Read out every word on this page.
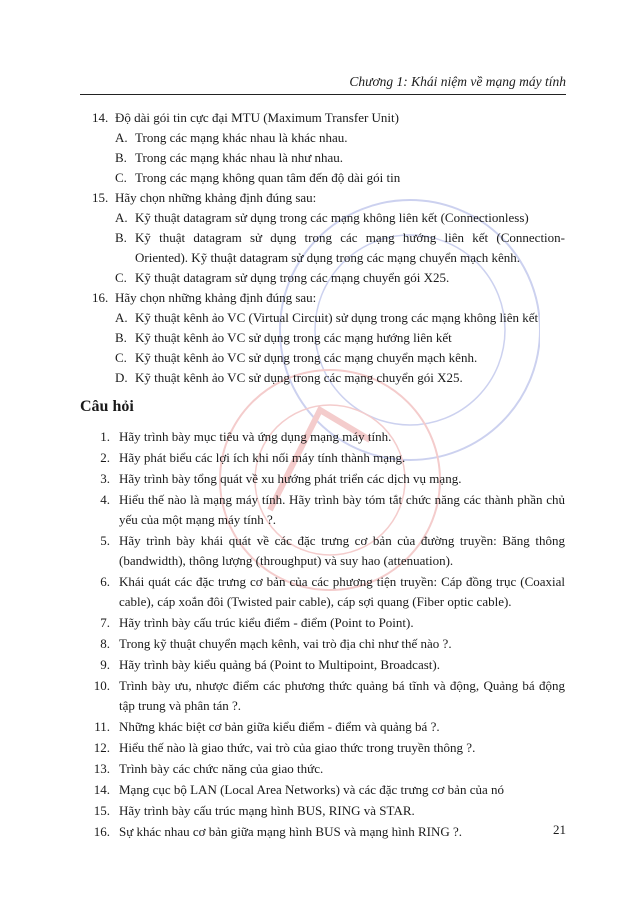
Chương 1: Khái niệm về mạng máy tính
14. Độ dài gói tin cực đại MTU (Maximum Transfer Unit)
A. Trong các mạng khác nhau là khác nhau.
B. Trong các mạng khác nhau là như nhau.
C. Trong các mạng không quan tâm đến độ dài gói tin
15. Hãy chọn những khảng định đúng sau:
A. Kỹ thuật datagram sử dụng trong các mạng không liên kết (Connectionless)
B. Kỹ thuật datagram sử dụng trong các mạng hướng liên kết (Connection- Oriented). Kỹ thuật datagram sử dụng trong các mạng chuyển mạch kênh.
C. Kỹ thuật datagram sử dụng trong các mạng chuyển gói X25.
16. Hãy chọn những khảng định đúng sau:
A. Kỹ thuật kênh ảo VC (Virtual Circuit) sử dụng trong các mạng không liên kết
B. Kỹ thuật kênh ảo VC sử dụng trong các mạng hướng liên kết
C. Kỹ thuật kênh ảo VC sử dụng trong các mạng chuyển mạch kênh.
D. Kỹ thuật kênh ảo VC sử dụng trong các mạng chuyển gói X25.
Câu hỏi
1. Hãy trình bày mục tiêu và ứng dụng mạng máy tính.
2. Hãy phát biểu các lợi ích khi nối máy tính thành mạng.
3. Hãy trình bày tổng quát về xu hướng phát triển các dịch vụ mạng.
4. Hiểu thế nào là mạng máy tính. Hãy trình bày tóm tắt chức năng các thành phần chủ yếu của một mạng máy tính ?.
5. Hãy trình bày khái quát về các đặc trưng cơ bản của đường truyền: Băng thông (bandwidth), thông lượng (throughput) và suy hao (attenuation).
6. Khái quát các đặc trưng cơ bản của các phương tiện truyền: Cáp đồng trục (Coaxial cable), cáp xoắn đôi (Twisted pair cable), cáp sợi quang (Fiber optic cable).
7. Hãy trình bày cấu trúc kiểu điểm - điểm (Point to Point).
8. Trong kỹ thuật chuyển mạch kênh, vai trò địa chỉ như thế nào ?.
9. Hãy trình bày kiểu quảng bá (Point to Multipoint, Broadcast).
10. Trình bày ưu, nhược điểm các phương thức quảng bá tĩnh và động, Quảng bá động tập trung và phân tán ?.
11. Những khác biệt cơ bản giữa kiểu điểm - điểm và quảng bá ?.
12. Hiểu thế nào là giao thức, vai trò của giao thức trong truyền thông ?.
13. Trình bày các chức năng của giao thức.
14. Mạng cục bộ LAN (Local Area Networks) và các đặc trưng cơ bản của nó
15. Hãy trình bày cấu trúc mạng hình BUS, RING và STAR.
16. Sự khác nhau cơ bản giữa mạng hình BUS và mạng hình RING ?.	21
